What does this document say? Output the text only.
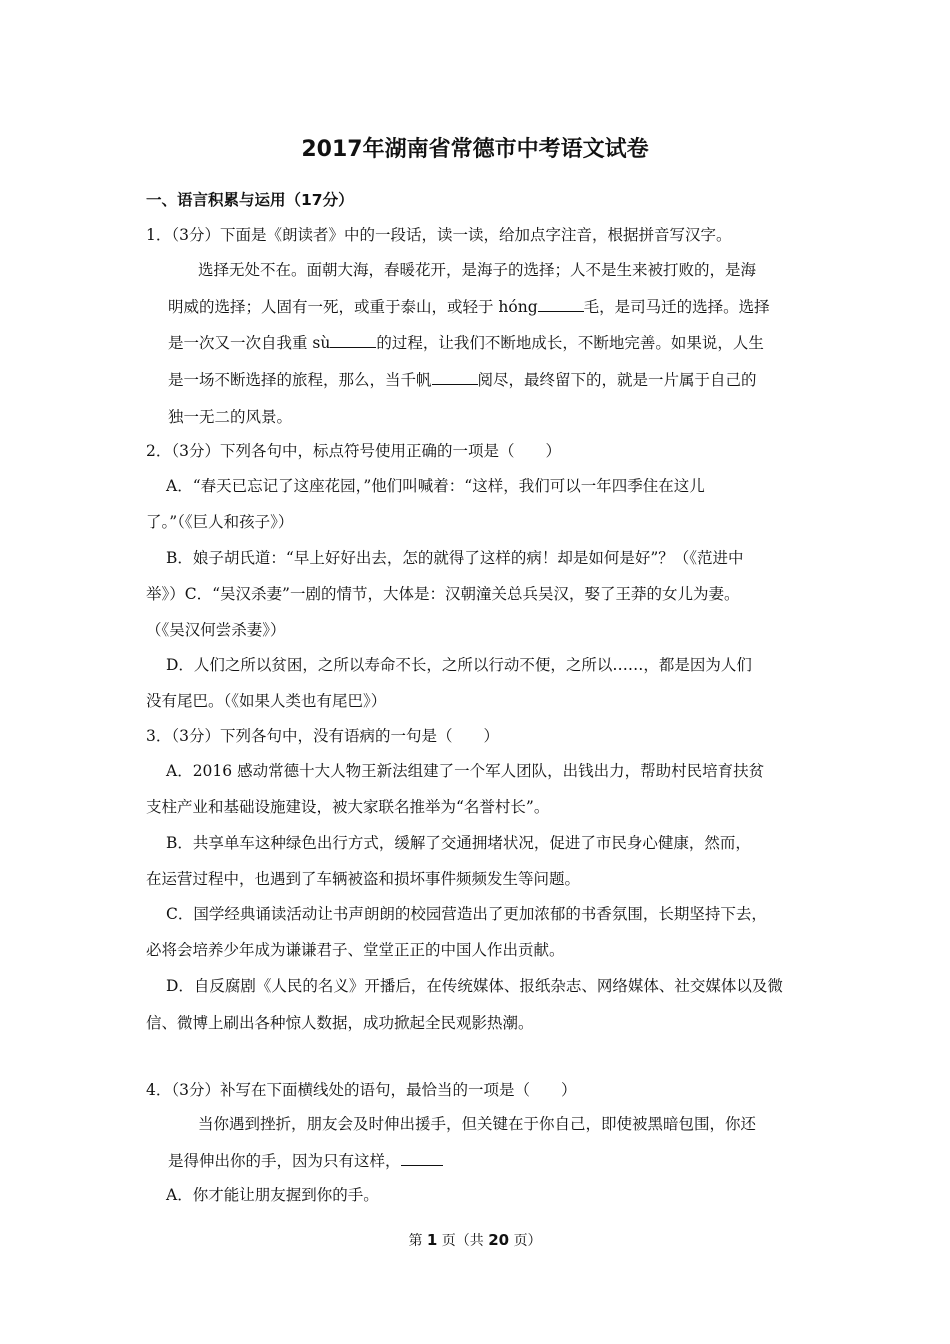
2017年湖南省常德市中考语文试卷
一、语言积累与运用（17分）
1．（3分）下面是《朗读者》中的一段话，读一读，给加点字注音，根据拼音写汉字。
选择无处不在。面朝大海，春暖花开，是海子的选择；人不是生来被打败的，是海
明威的选择；人固有一死，或重于泰山，或轻于 hóng	毛，是司马迁的选择。选择
是一次又一次自我重 sù	的过程，让我们不断地成长，不断地完善。如果说，人生
是一场不断选择的旅程，那么，当千帆	阅尽，最终留下的，就是一片属于自己的
独一无二的风景。
2．（3分）下列各句中，标点符号使用正确的一项是（　　）
A．“春天已忘记了这座花园，”他们叫喊着：“这样，我们可以一年四季住在这儿
了。”（《巨人和孩子》）
B．娘子胡氏道：“早上好好出去，怎的就得了这样的病！却是如何是好”？（《范进中
举》）C．“吴汉杀妻”一剧的情节，大体是：汉朝潼关总兵吴汉，娶了王莽的女儿为妻。
（《吴汉何尝杀妻》）
D．人们之所以贫困，之所以寿命不长，之所以行动不便，之所以……，都是因为人们
没有尾巴。（《如果人类也有尾巴》）
3．（3分）下列各句中，没有语病的一句是（　　）
A．2016 感动常德十大人物王新法组建了一个军人团队，出钱出力，帮助村民培育扶贫
支柱产业和基础设施建设，被大家联名推举为“名誉村长”。
B．共享单车这种绿色出行方式，缓解了交通拥堵状况，促进了市民身心健康，然而，
在运营过程中，也遇到了车辆被盗和损坏事件频频发生等问题。
C．国学经典诵读活动让书声朗朗的校园营造出了更加浓郁的书香氛围，长期坚持下去，
必将会培养少年成为谦谦君子、堂堂正正的中国人作出贡献。
D．自反腐剧《人民的名义》开播后，在传统媒体、报纸杂志、网络媒体、社交媒体以及微
信、微博上刷出各种惊人数据，成功掀起全民观影热潮。
4．（3分）补写在下面横线处的语句，最恰当的一项是（　　）
当你遇到挫折，朋友会及时伸出援手，但关键在于你自己，即使被黑暗包围，你还
是得伸出你的手，因为只有这样，
A．你才能让朋友握到你的手。
第 1 页（共 20 页）
